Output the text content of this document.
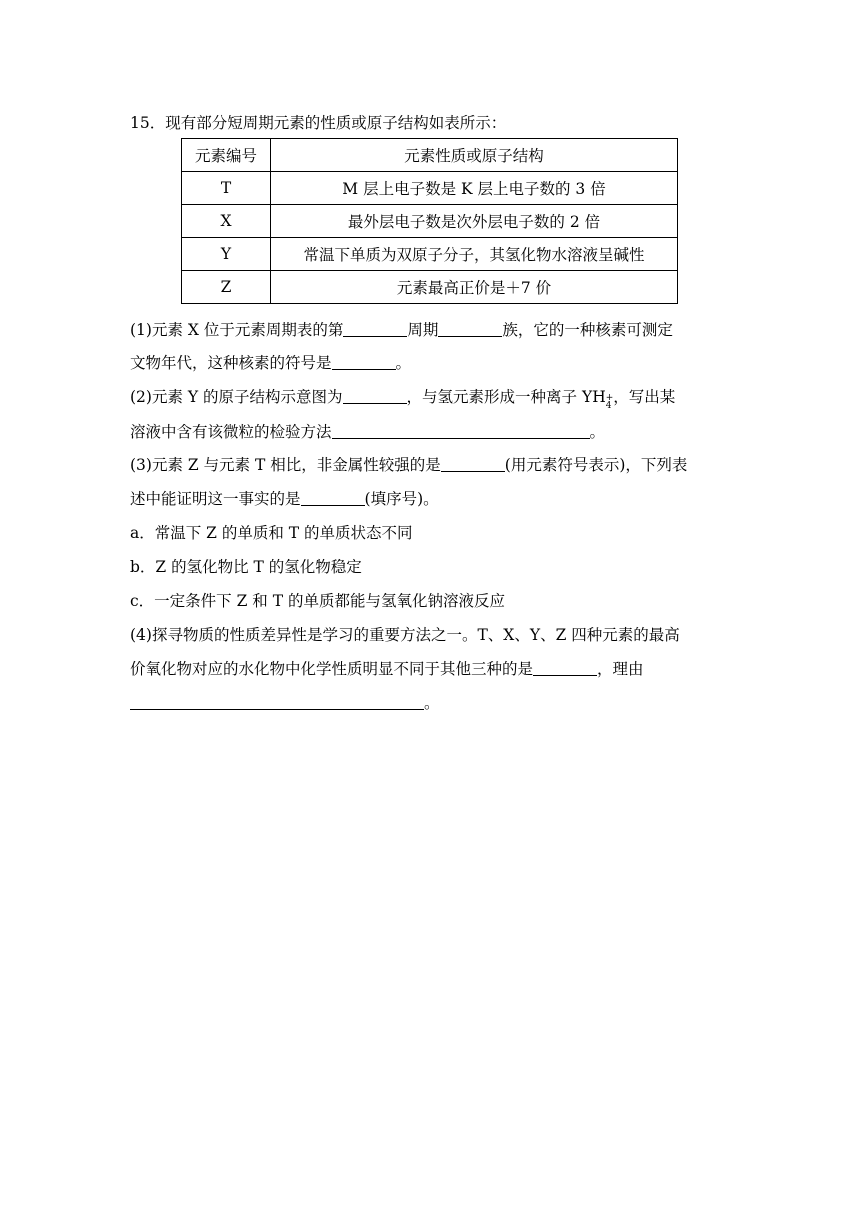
15．现有部分短周期元素的性质或原子结构如表所示：
元素编号	元素性质或原子结构
T	M 层上电子数是 K 层上电子数的 3 倍
X	最外层电子数是次外层电子数的 2 倍
Y	常温下单质为双原子分子，其氢化物水溶液呈碱性
Z	元素最高正价是＋7 价
(1)元素 X 位于元素周期表的第	周期	族，它的一种核素可测定
文物年代，这种核素的符号是	。
(2)元素 Y 的原子结构示意图为	，与氢元素形成一种离子 YH +
4 ，写出某
溶液中含有该微粒的检验方法	。
(3)元素 Z 与元素 T 相比，非金属性较强的是	(用元素符号表示)，下列表
述中能证明这一事实的是	(填序号)。
a．常温下 Z 的单质和 T 的单质状态不同
b．Z 的氢化物比 T 的氢化物稳定
c．一定条件下 Z 和 T 的单质都能与氢氧化钠溶液反应
(4)探寻物质的性质差异性是学习的重要方法之一。T、X、Y、Z 四种元素的最高
价氧化物对应的水化物中化学性质明显不同于其他三种的是	，理由
。
